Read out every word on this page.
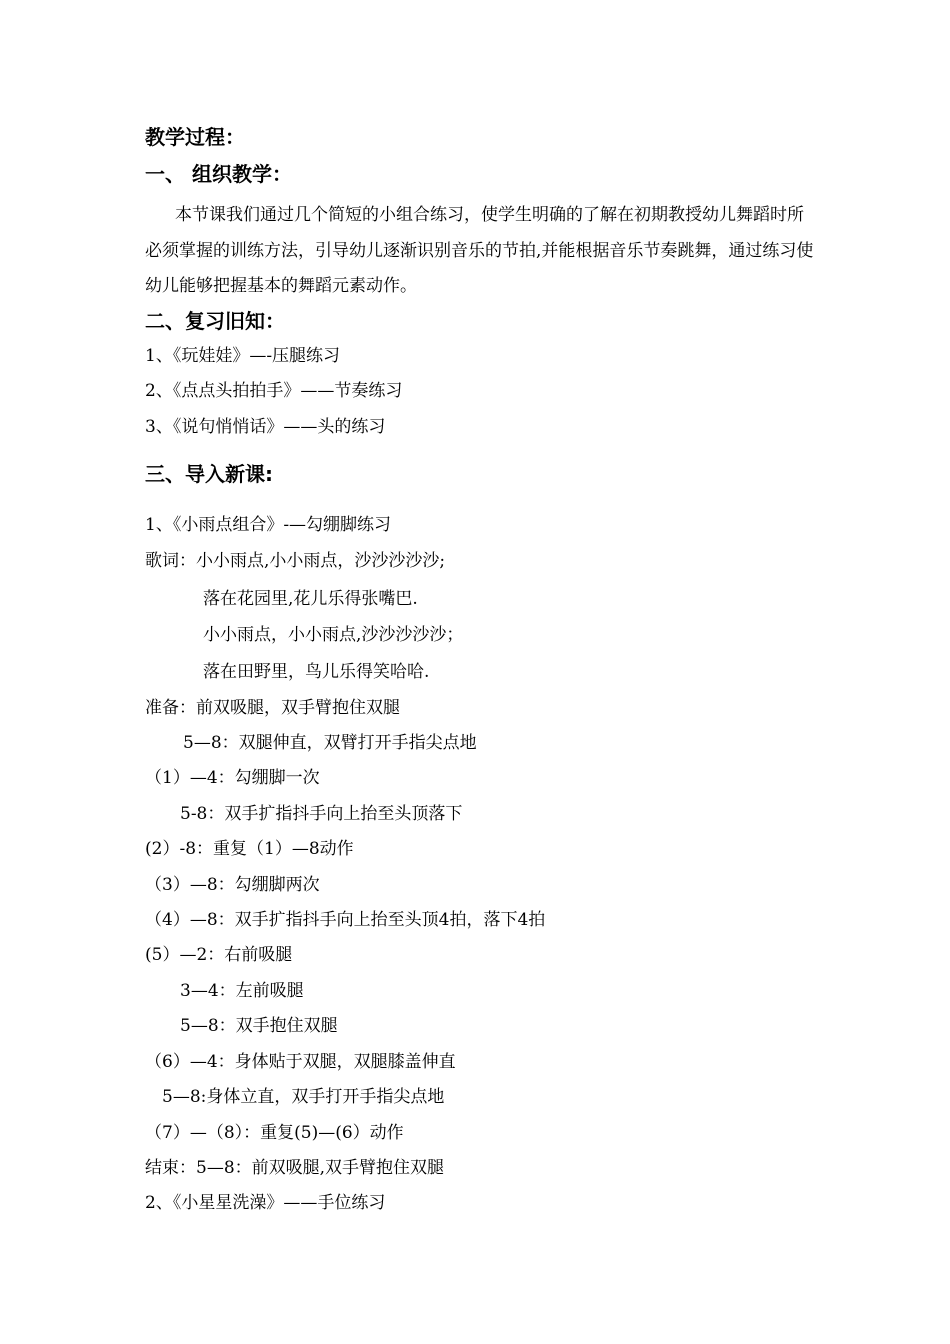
教学过程：
一、 组织教学：
本节课我们通过几个简短的小组合练习，使学生明确的了解在初期教授幼儿舞蹈时所必须掌握的训练方法，引导幼儿逐渐识别音乐的节拍,并能根据音乐节奏跳舞，通过练习使幼儿能够把握基本的舞蹈元素动作。
二、复习旧知：
1、《玩娃娃》—-压腿练习
2、《点点头拍拍手》——节奏练习
3、《说句悄悄话》——头的练习
三、导入新课:
1、《小雨点组合》-—勾绷脚练习
歌词：小小雨点,小小雨点，沙沙沙沙沙;
落在花园里,花儿乐得张嘴巴.
小小雨点，小小雨点,沙沙沙沙沙；
落在田野里，鸟儿乐得笑哈哈.
准备：前双吸腿，双手臂抱住双腿
5—8：双腿伸直，双臂打开手指尖点地
（1）—4：勾绷脚一次
5-8：双手扩指抖手向上抬至头顶落下
(2）-8：重复（1）—8动作
（3）—8：勾绷脚两次
（4）—8：双手扩指抖手向上抬至头顶4拍，落下4拍
(5）—2：右前吸腿
3—4：左前吸腿
5—8：双手抱住双腿
（6）—4：身体贴于双腿，双腿膝盖伸直
5—8:身体立直，双手打开手指尖点地
（7）—（8）：重复(5)—(6）动作
结束：5—8：前双吸腿,双手臂抱住双腿
2、《小星星洗澡》——手位练习
